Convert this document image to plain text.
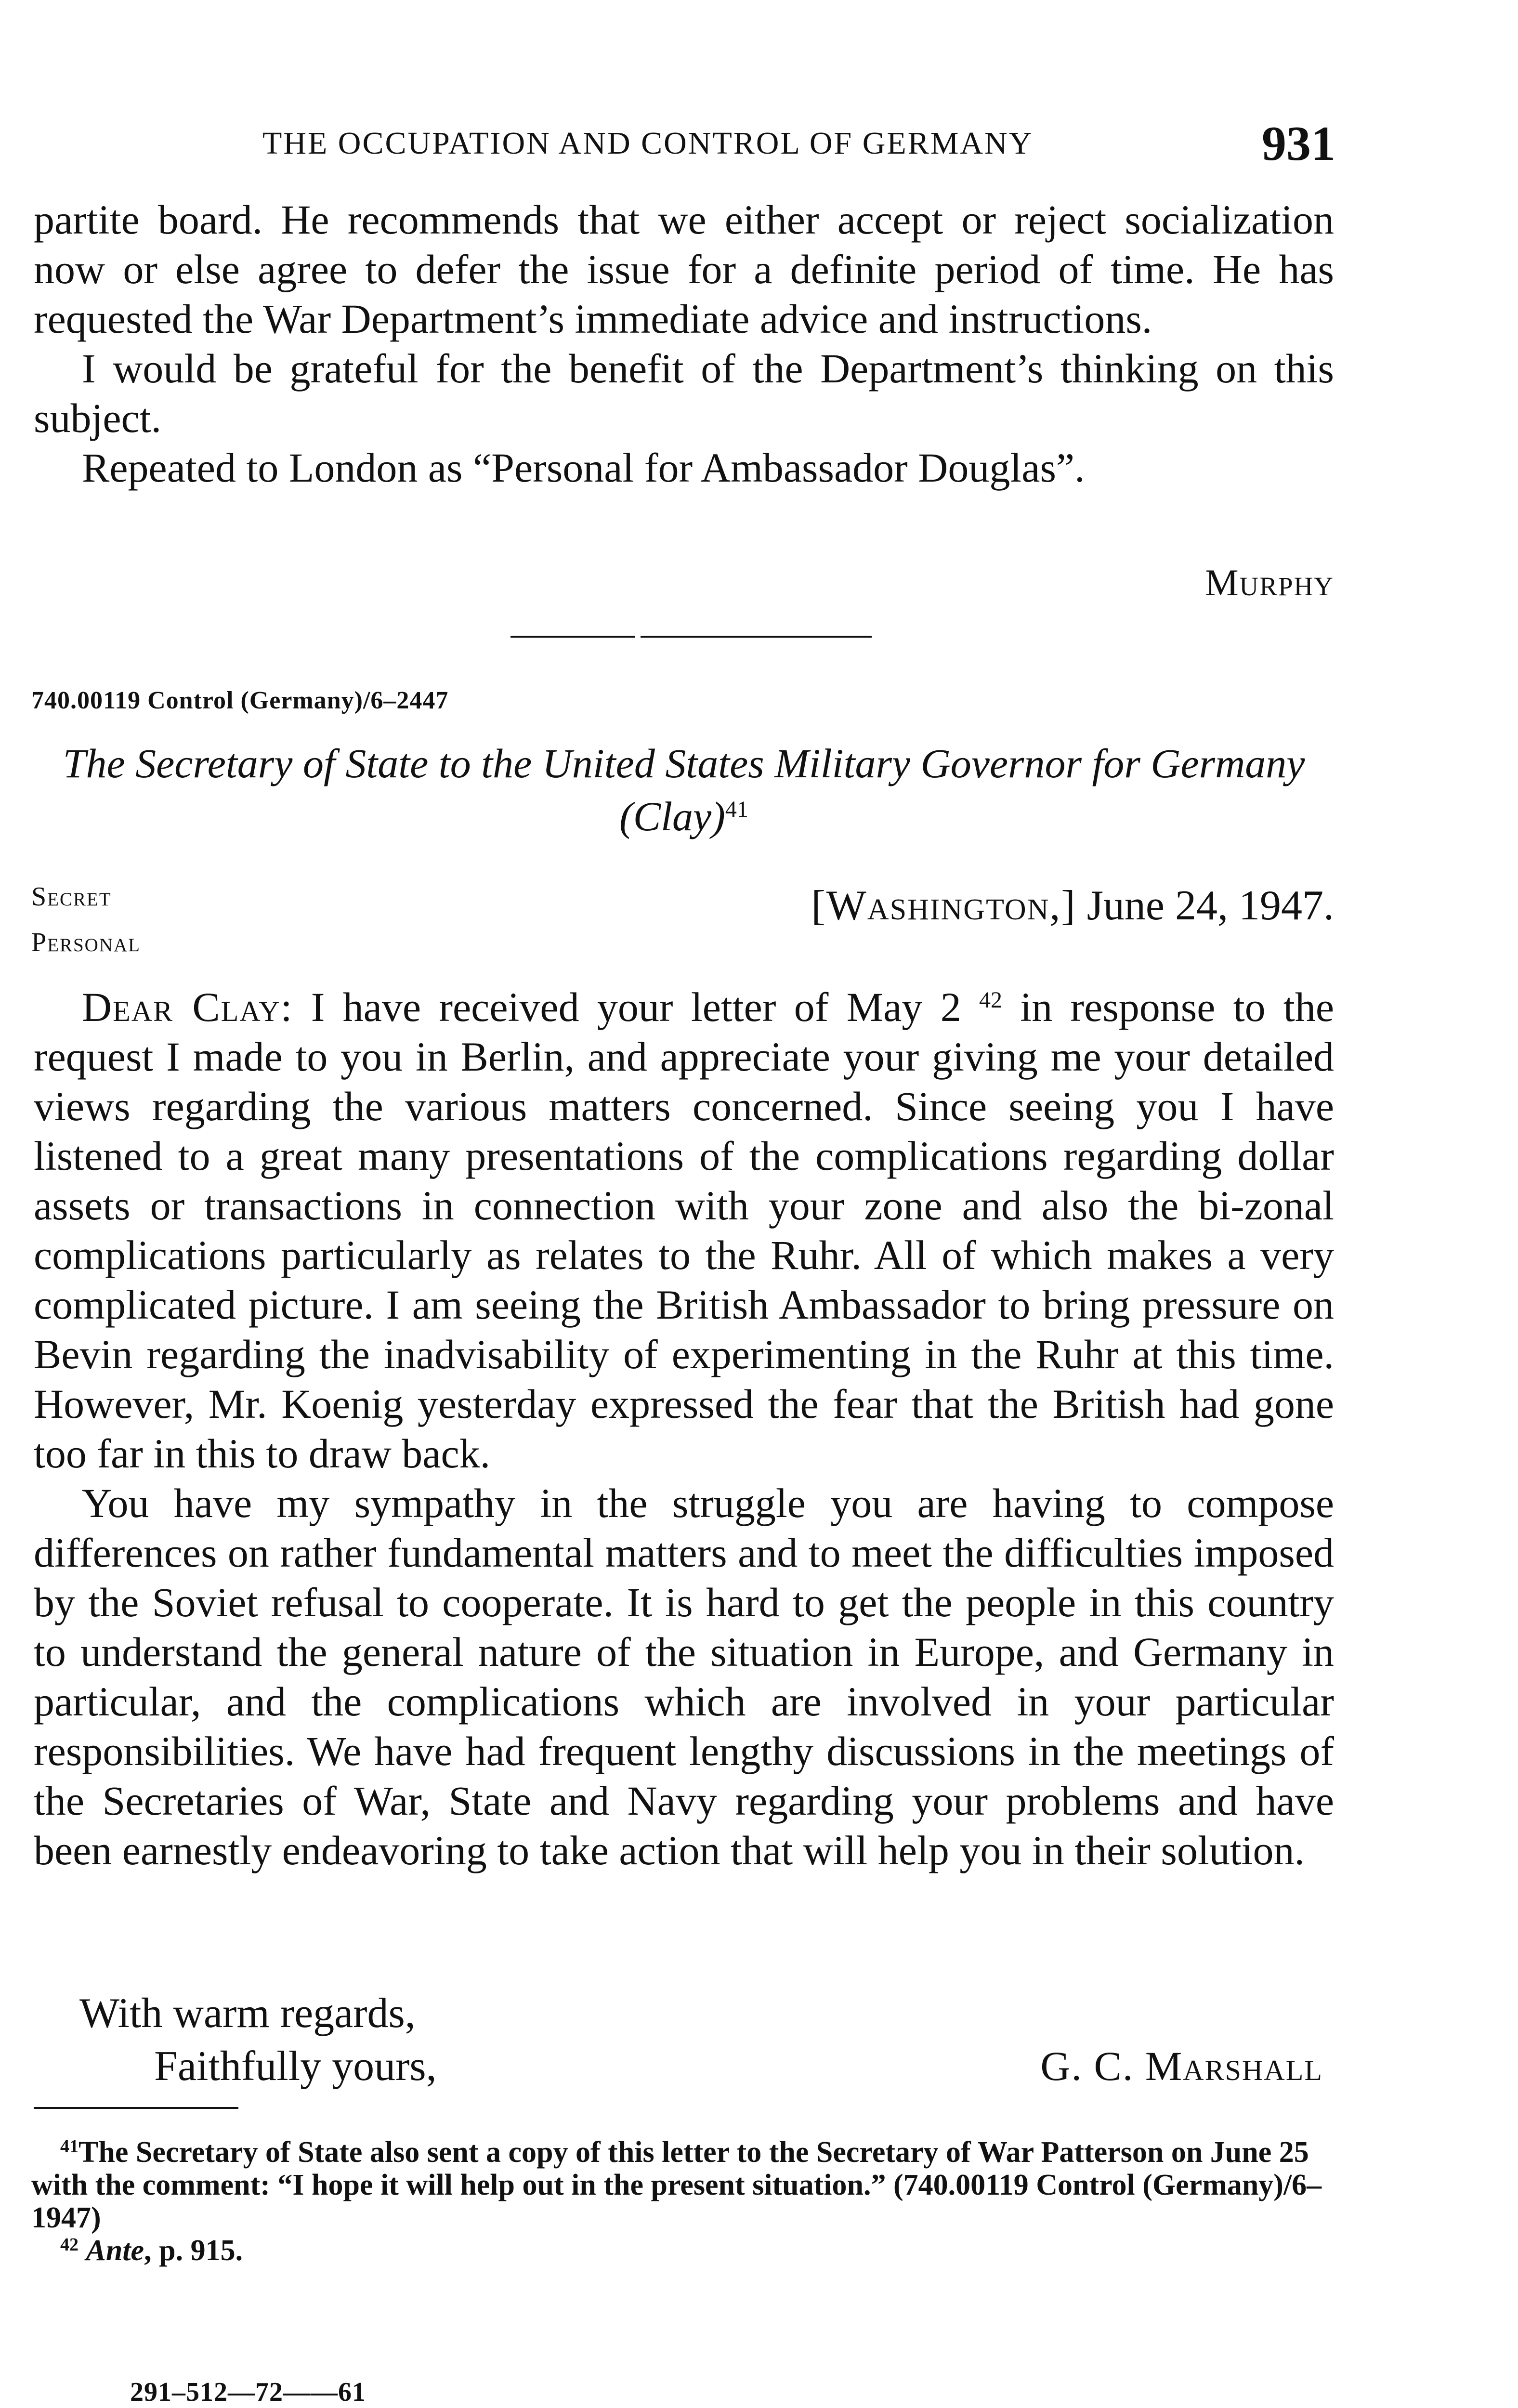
THE OCCUPATION AND CONTROL OF GERMANY	931

partite board. He recommends that we either accept or reject socialization now or else agree to defer the issue for a definite period of time. He has requested the War Department’s immediate advice and instructions.

I would be grateful for the benefit of the Department’s thinking on this subject.

Repeated to London as “Personal for Ambassador Douglas”.

Murphy
740.00119 Control (Germany)/6–2447
The Secretary of State to the United States Military Governor for Germany (Clay)$^{41}$
Secret
Personal
[Washington,] June 24, 1947.

Dear Clay: I have received your letter of May 2 $^{42}$ in response to the request I made to you in Berlin, and appreciate your giving me your detailed views regarding the various matters concerned. Since seeing you I have listened to a great many presentations of the complications regarding dollar assets or transactions in connection with your zone and also the bi-zonal complications particularly as relates to the Ruhr. All of which makes a very complicated picture. I am seeing the British Ambassador to bring pressure on Bevin regarding the inadvisability of experimenting in the Ruhr at this time. However, Mr. Koenig yesterday expressed the fear that the British had gone too far in this to draw back.

You have my sympathy in the struggle you are having to compose differences on rather fundamental matters and to meet the difficulties imposed by the Soviet refusal to cooperate. It is hard to get the people in this country to understand the general nature of the situation in Europe, and Germany in particular, and the complications which are involved in your particular responsibilities. We have had frequent lengthy discussions in the meetings of the Secretaries of War, State and Navy regarding your problems and have been earnestly endeavoring to take action that will help you in their solution.

With warm regards,
Faithfully yours,	G. C. Marshall

$^{41}$The Secretary of State also sent a copy of this letter to the Secretary of War Patterson on June 25 with the comment: “I hope it will help out in the present situation.” (740.00119 Control (Germany)/6–1947)

$^{42}$ Ante, p. 915.

291–512—72——61
